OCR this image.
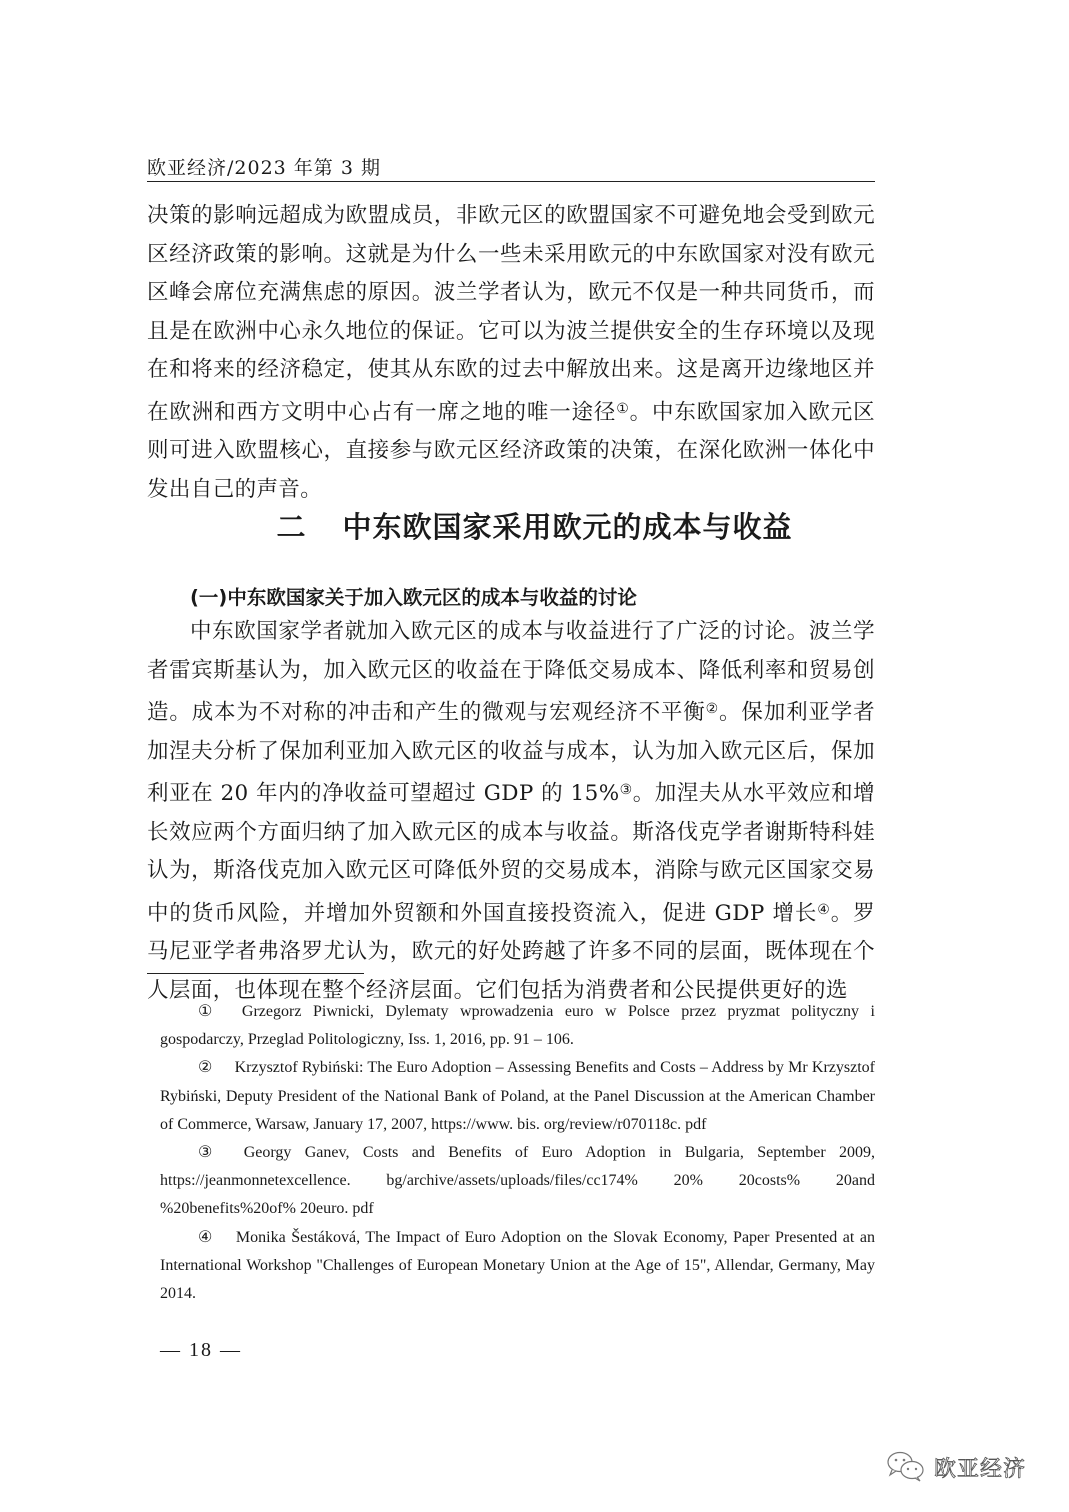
欧亚经济/2023 年第 3 期
决策的影响远超成为欧盟成员，非欧元区的欧盟国家不可避免地会受到欧元区经济政策的影响。这就是为什么一些未采用欧元的中东欧国家对没有欧元区峰会席位充满焦虑的原因。波兰学者认为，欧元不仅是一种共同货币，而且是在欧洲中心永久地位的保证。它可以为波兰提供安全的生存环境以及现在和将来的经济稳定，使其从东欧的过去中解放出来。这是离开边缘地区并在欧洲和西方文明中心占有一席之地的唯一途径①。中东欧国家加入欧元区则可进入欧盟核心，直接参与欧元区经济政策的决策，在深化欧洲一体化中发出自己的声音。
二 中东欧国家采用欧元的成本与收益
(一)中东欧国家关于加入欧元区的成本与收益的讨论
中东欧国家学者就加入欧元区的成本与收益进行了广泛的讨论。波兰学者雷宾斯基认为，加入欧元区的收益在于降低交易成本、降低利率和贸易创造。成本为不对称的冲击和产生的微观与宏观经济不平衡②。保加利亚学者加涅夫分析了保加利亚加入欧元区的收益与成本，认为加入欧元区后，保加利亚在 20 年内的净收益可望超过 GDP 的 15%③。加涅夫从水平效应和增长效应两个方面归纳了加入欧元区的成本与收益。斯洛伐克学者谢斯特科娃认为，斯洛伐克加入欧元区可降低外贸的交易成本，消除与欧元区国家交易中的货币风险，并增加外贸额和外国直接投资流入，促进 GDP 增长④。罗马尼亚学者弗洛罗尤认为，欧元的好处跨越了许多不同的层面，既体现在个人层面，也体现在整个经济层面。它们包括为消费者和公民提供更好的选

① Grzegorz Piwnicki, Dylematy wprowadzenia euro w Polsce przez pryzmat polityczny i gospodarczy, Przeglad Politologiczny, Iss. 1, 2016, pp. 91 – 106.

② Krzysztof Rybiński: The Euro Adoption – Assessing Benefits and Costs – Address by Mr Krzysztof Rybiński, Deputy President of the National Bank of Poland, at the Panel Discussion at the American Chamber of Commerce, Warsaw, January 17, 2007, https://www. bis. org/review/r070118c. pdf

③ Georgy Ganev, Costs and Benefits of Euro Adoption in Bulgaria, September 2009, https://jeanmonnetexcellence. bg/archive/assets/uploads/files/cc174% 20% 20costs% 20and %20benefits%20of% 20euro. pdf

④ Monika Šestáková, The Impact of Euro Adoption on the Slovak Economy, Paper Presented at an International Workshop "Challenges of European Monetary Union at the Age of 15", Allendar, Germany, May 2014.

— 18 —
欧亚经济
